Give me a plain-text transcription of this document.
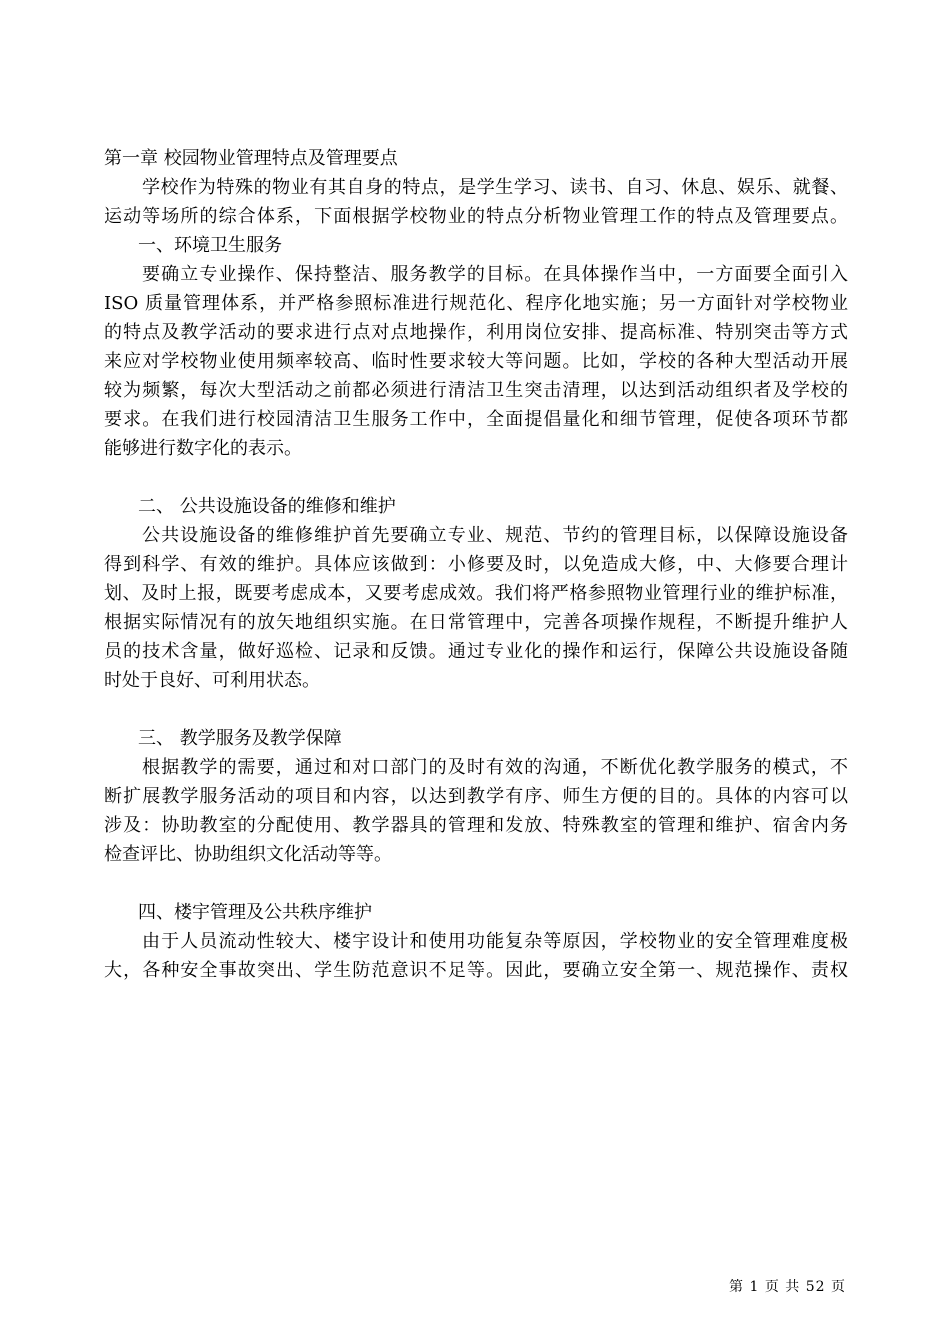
第一章 校园物业管理特点及管理要点
学校作为特殊的物业有其自身的特点，是学生学习、读书、自习、休息、娱乐、就餐、
运动等场所的综合体系，下面根据学校物业的特点分析物业管理工作的特点及管理要点。
一、环境卫生服务
要确立专业操作、保持整洁、服务教学的目标。在具体操作当中，一方面要全面引入
ISO 质量管理体系，并严格参照标准进行规范化、程序化地实施；另一方面针对学校物业
的特点及教学活动的要求进行点对点地操作，利用岗位安排、提高标准、特别突击等方式
来应对学校物业使用频率较高、临时性要求较大等问题。比如，学校的各种大型活动开展
较为频繁，每次大型活动之前都必须进行清洁卫生突击清理，以达到活动组织者及学校的
要求。在我们进行校园清洁卫生服务工作中，全面提倡量化和细节管理，促使各项环节都
能够进行数字化的表示。
二、 公共设施设备的维修和维护
公共设施设备的维修维护首先要确立专业、规范、节约的管理目标，以保障设施设备
得到科学、有效的维护。具体应该做到：小修要及时，以免造成大修，中、大修要合理计
划、及时上报，既要考虑成本，又要考虑成效。我们将严格参照物业管理行业的维护标准，
根据实际情况有的放矢地组织实施。在日常管理中，完善各项操作规程，不断提升维护人
员的技术含量，做好巡检、记录和反馈。通过专业化的操作和运行，保障公共设施设备随
时处于良好、可利用状态。
三、 教学服务及教学保障
根据教学的需要，通过和对口部门的及时有效的沟通，不断优化教学服务的模式，不
断扩展教学服务活动的项目和内容，以达到教学有序、师生方便的目的。具体的内容可以
涉及：协助教室的分配使用、教学器具的管理和发放、特殊教室的管理和维护、宿舍内务
检查评比、协助组织文化活动等等。
四、楼宇管理及公共秩序维护
由于人员流动性较大、楼宇设计和使用功能复杂等原因，学校物业的安全管理难度极
大，各种安全事故突出、学生防范意识不足等。因此，要确立安全第一、规范操作、责权
第 1 页 共 52 页
